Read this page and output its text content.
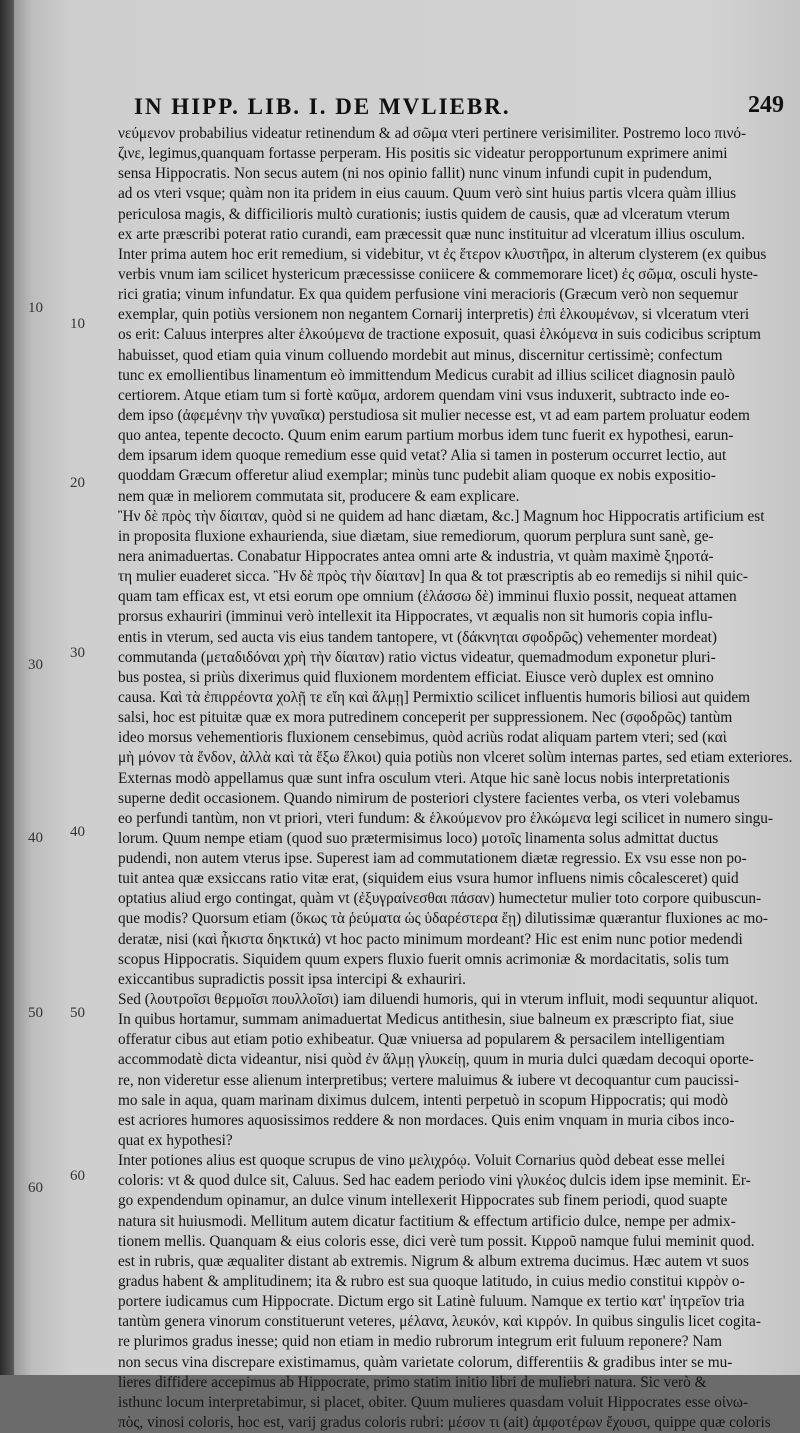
IN HIPP. LIB. I. DE MVLIEBR.	249
10
10
20
30
30
40 40
50 50
60
60
νεύμενον probabilius videatur retinendum & ad σῶμα vteri pertinere verisimiliter. Postremo loco πινό-
ζινε, legimus,quanquam fortasse perperam. His positis sic videatur peropportunum exprimere animi
sensa Hippocratis. Non secus autem (ni nos opinio fallit) nunc vinum infundi cupit in pudendum,
ad os vteri vsque; quàm non ita pridem in eius cauum. Quum verò sint huius partis vlcera quàm illius
periculosa magis, & difficilioris multò curationis; iustis quidem de causis, quæ ad vlceratum vterum
ex arte præscribi poterat ratio curandi, eam præcessit quæ nunc instituitur ad vlceratum illius osculum.
Inter prima autem hoc erit remedium, si videbitur, vt ἐς ἕτερον κλυστῆρα, in alterum clysterem (ex quibus
verbis vnum iam scilicet hystericum præcessisse coniicere & commemorare licet) ἐς σῶμα, osculi hyste-
rici gratia; vinum infundatur. Ex qua quidem perfusione vini meracioris (Græcum verò non sequemur
exemplar, quin potiùs versionem non negantem Cornarij interpretis) ἐπὶ ἑλκουμένων, si vlceratum vteri
os erit: Caluus interpres alter ἑλκούμενα de tractione exposuit, quasi ἑλκόμενα in suis codicibus scriptum
habuisset, quod etiam quia vinum colluendo mordebit aut minus, discernitur certissimè; confectum
tunc ex emollientibus linamentum eò immittendum Medicus curabit ad illius scilicet diagnosin paulò
certiorem. Atque etiam tum si fortè καῦμα, ardorem quendam vini vsus induxerit, subtracto inde eo-
dem ipso (ἀφεμένην τὴν γυναῖκα) perstudiosa sit mulier necesse est, vt ad eam partem proluatur eodem
quo antea, tepente decocto. Quum enim earum partium morbus idem tunc fuerit ex hypothesi, earun-
dem ipsarum idem quoque remedium esse quid vetat? Alia si tamen in posterum occurret lectio, aut
quoddam Græcum offeretur aliud exemplar; minùs tunc pudebit aliam quoque ex nobis expositio-
nem quæ in meliorem commutata sit, producere & eam explicare.
Ἢν δὲ πρὸς τὴν δίαιταν, quòd si ne quidem ad hanc diætam, &c.] Magnum hoc Hippocratis artificium est
in proposita fluxione exhaurienda, siue diætam, siue remediorum, quorum perplura sunt sanè, ge-
nera animaduertas. Conabatur Hippocrates antea omni arte & industria, vt quàm maximè ξηροτά-
τη mulier euaderet sicca. Ἢν δὲ πρὸς τὴν δίαιταν] In qua & tot præscriptis ab eo remedijs si nihil quic-
quam tam efficax est, vt etsi eorum ope omnium (ἐλάσσω δὲ) imminui fluxio possit, nequeat attamen
prorsus exhauriri (imminui verò intellexit ita Hippocrates, vt æqualis non sit humoris copia influ-
entis in vterum, sed aucta vis eius tandem tantopere, vt (δάκνηται σφοδρῶς) vehementer mordeat)
commutanda (μεταδιδόναι χρὴ τὴν δίαιταν) ratio victus videatur, quemadmodum exponetur pluri-
bus postea, si priùs dixerimus quid fluxionem mordentem efficiat. Eiusce verò duplex est omnino
causa. Καὶ τὰ ἐπιρρέοντα χολῇ τε εἴη καὶ ἅλμῃ] Permixtio scilicet influentis humoris biliosi aut quidem
salsi, hoc est pituitæ quæ ex mora putredinem conceperit per suppressionem. Nec (σφοδρῶς) tantùm
ideo morsus vehementioris fluxionem censebimus, quòd acriùs rodat aliquam partem vteri; sed (καὶ
μὴ μόνον τὰ ἔνδον, ἀλλὰ καὶ τὰ ἔξω ἕλκοι) quia potiùs non vlceret solùm internas partes, sed etiam exteriores.
Externas modò appellamus quæ sunt infra osculum vteri. Atque hic sanè locus nobis interpretationis
superne dedit occasionem. Quando nimirum de posteriori clystere facientes verba, os vteri volebamus
eo perfundi tantùm, non vt priori, vteri fundum: & ἑλκούμενον pro ἑλκώμενα legi scilicet in numero singu-
lorum. Quum nempe etiam (quod suo prætermisimus loco) μοτοῖς linamenta solus admittat ductus
pudendi, non autem vterus ipse. Superest iam ad commutationem diætæ regressio. Ex vsu esse non po-
tuit antea quæ exsiccans ratio vitæ erat, (siquidem eius vsura humor influens nimis côcalesceret) quid
optatius aliud ergo contingat, quàm vt (ἐξυγραίνεσθαι πάσαν) humectetur mulier toto corpore quibuscun-
que modis? Quorsum etiam (ὅκως τὰ ῥεύματα ὡς ὑδαρέστερα ἔῃ) dilutissimæ quærantur fluxiones ac mo-
deratæ, nisi (καὶ ἧκιστα δηκτικά) vt hoc pacto minimum mordeant? Hic est enim nunc potior medendi
scopus Hippocratis. Siquidem quum expers fluxio fuerit omnis acrimoniæ & mordacitatis, solis tum
exiccantibus supradictis possit ipsa intercipi & exhauriri.
Sed (λουτροῖσι θερμοῖσι πουλλοῖσι) iam diluendi humoris, qui in vterum influit, modi sequuntur aliquot.
In quibus hortamur, summam animaduertat Medicus antithesin, siue balneum ex præscripto fiat, siue
offeratur cibus aut etiam potio exhibeatur. Quæ vniuersa ad popularem & persacilem intelligentiam
accommodatè dicta videantur, nisi quòd ἐν ἅλμῃ γλυκείῃ, quum in muria dulci quædam decoqui oporte-
re, non videretur esse alienum interpretibus; vertere maluimus & iubere vt decoquantur cum paucissi-
mo sale in aqua, quam marinam diximus dulcem, intenti perpetuò in scopum Hippocratis; qui modò
est acriores humores aquosissimos reddere & non mordaces. Quis enim vnquam in muria cibos inco-
quat ex hypothesi?
Inter potiones alius est quoque scrupus de vino μελιχρόῳ. Voluit Cornarius quòd debeat esse mellei
coloris: vt & quod dulce sit, Caluus. Sed hac eadem periodo vini γλυκέος dulcis idem ipse meminit. Er-
go expendendum opinamur, an dulce vinum intellexerit Hippocrates sub finem periodi, quod suapte
natura sit huiusmodi. Mellitum autem dicatur factitium & effectum artificio dulce, nempe per admix-
tionem mellis. Quanquam & eius coloris esse, dici verè tum possit. Κιρροῦ namque fului meminit quod.
est in rubris, quæ æqualiter distant ab extremis. Nigrum & album extrema ducimus. Hæc autem vt suos
gradus habent & amplitudinem; ita & rubro est sua quoque latitudo, in cuius medio constitui κιρρὸν o-
portere iudicamus cum Hippocrate. Dictum ergo sit Latinè fuluum. Namque ex tertio κατ' ἰητρεῖον tria
tantùm genera vinorum constituerunt veteres, μέλανα, λευκόν, καὶ κιρρόν. In quibus singulis licet cogita-
re plurimos gradus inesse; quid non etiam in medio rubrorum integrum erit fuluum reponere? Nam
non secus vina discrepare existimamus, quàm varietate colorum, differentiis & gradibus inter se mu-
lieres diffidere accepimus ab Hippocrate, primo statim initio libri de muliebri natura. Sic verò &
isthunc locum interpretabimur, si placet, obiter. Quum mulieres quasdam voluit Hippocrates esse οἰνω-
πὸς, vinosi coloris, hoc est, varij gradus coloris rubri: μέσον τι (ait) ἀμφοτέρων ἔχουσι, quippe quæ coloris
